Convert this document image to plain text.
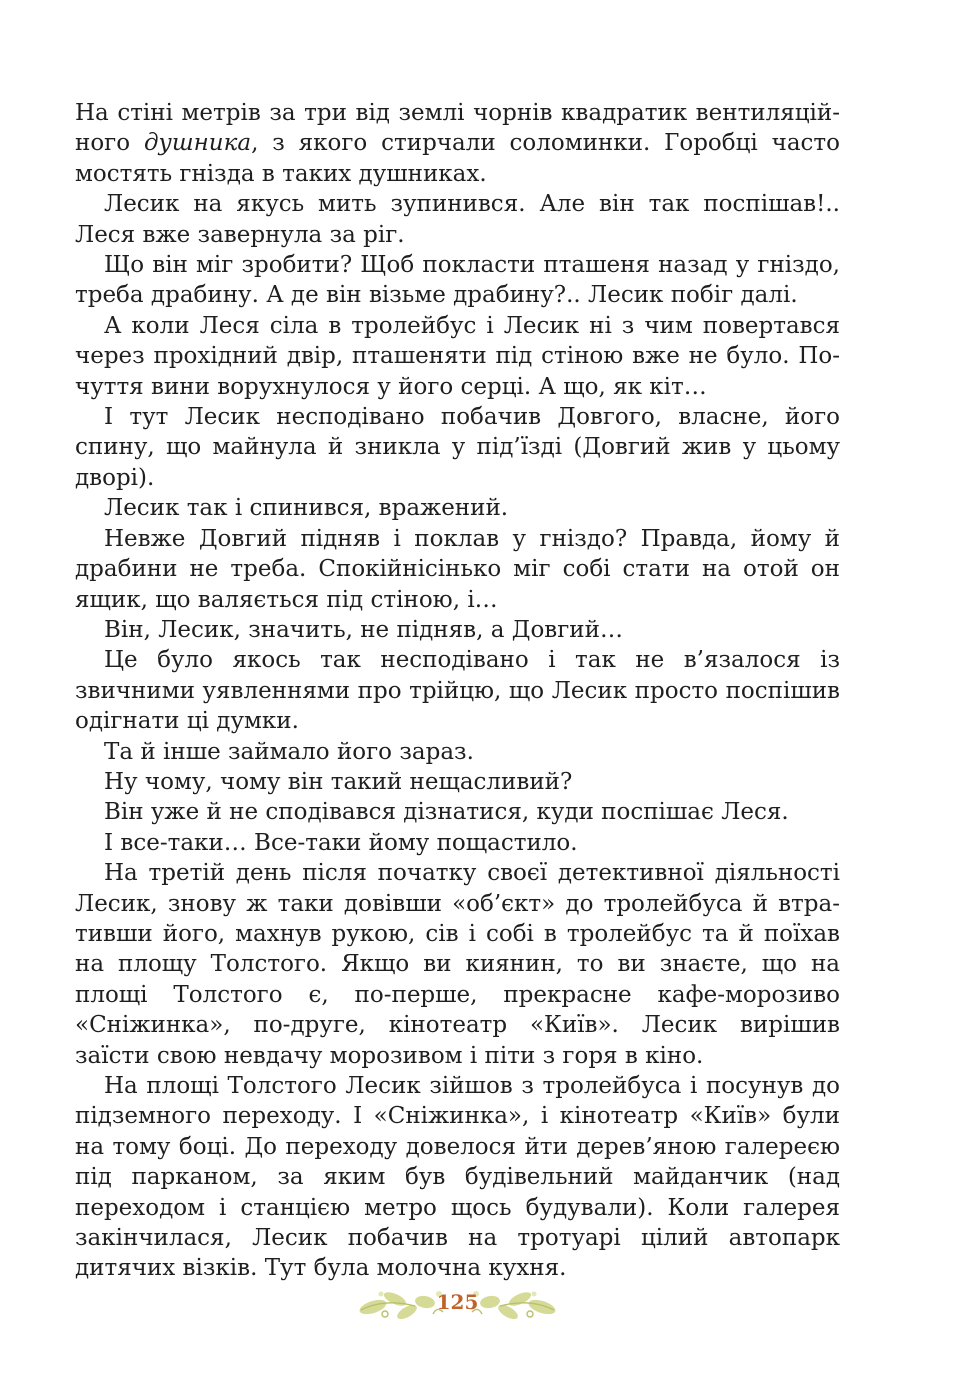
На стіні метрів за три від землі чорнів квадратик вентиляційного душника, з якого стирчали соломинки. Горобці часто мостять гнізда в таких душниках.

Лесик на якусь мить зупинився. Але він так поспішав!.. Леся вже завернула за ріг.

Що він міг зробити? Щоб покласти пташеня назад у гніздо, треба драбину. А де він візьме драбину?.. Лесик побіг далі.

А коли Леся сіла в тролейбус і Лесик ні з чим повертався через прохідний двір, пташеняти під стіною вже не було. Почуття вини ворухнулося у його серці. А що, як кіт…

І тут Лесик несподівано побачив Довгого, власне, його спину, що майнула й зникла у під’їзді (Довгий жив у цьому дворі).

Лесик так і спинився, вражений.

Невже Довгий підняв і поклав у гніздо? Правда, йому й драбини не треба. Спокійнісінько міг собі стати на отой он ящик, що валяється під стіною, і…

Він, Лесик, значить, не підняв, а Довгий…

Це було якось так несподівано і так не в’язалося із звичними уявленнями про трійцю, що Лесик просто поспішив одігнати ці думки.

Та й інше займало його зараз.

Ну чому, чому він такий нещасливий?

Він уже й не сподівався дізнатися, куди поспішає Леся.

І все-таки… Все-таки йому пощастило.

На третій день після початку своєї детективної діяльності Лесик, знову ж таки довівши «об’єкт» до тролейбуса й втративши його, махнув рукою, сів і собі в тролейбус та й поїхав на площу Толстого. Якщо ви киянин, то ви знаєте, що на площі Толстого є, по-перше, прекрасне кафе-морозиво «Сніжинка», по-друге, кінотеатр «Київ». Лесик вирішив заїсти свою невдачу морозивом і піти з горя в кіно.

На площі Толстого Лесик зійшов з тролейбуса і посунув до підземного переходу. І «Сніжинка», і кінотеатр «Київ» були на тому боці. До переходу довелося йти дерев’яною галереєю під парканом, за яким був будівельний майданчик (над переходом і станцією метро щось будували). Коли галерея закінчилася, Лесик побачив на тротуарі цілий автопарк дитячих візків. Тут була молочна кухня.

125
